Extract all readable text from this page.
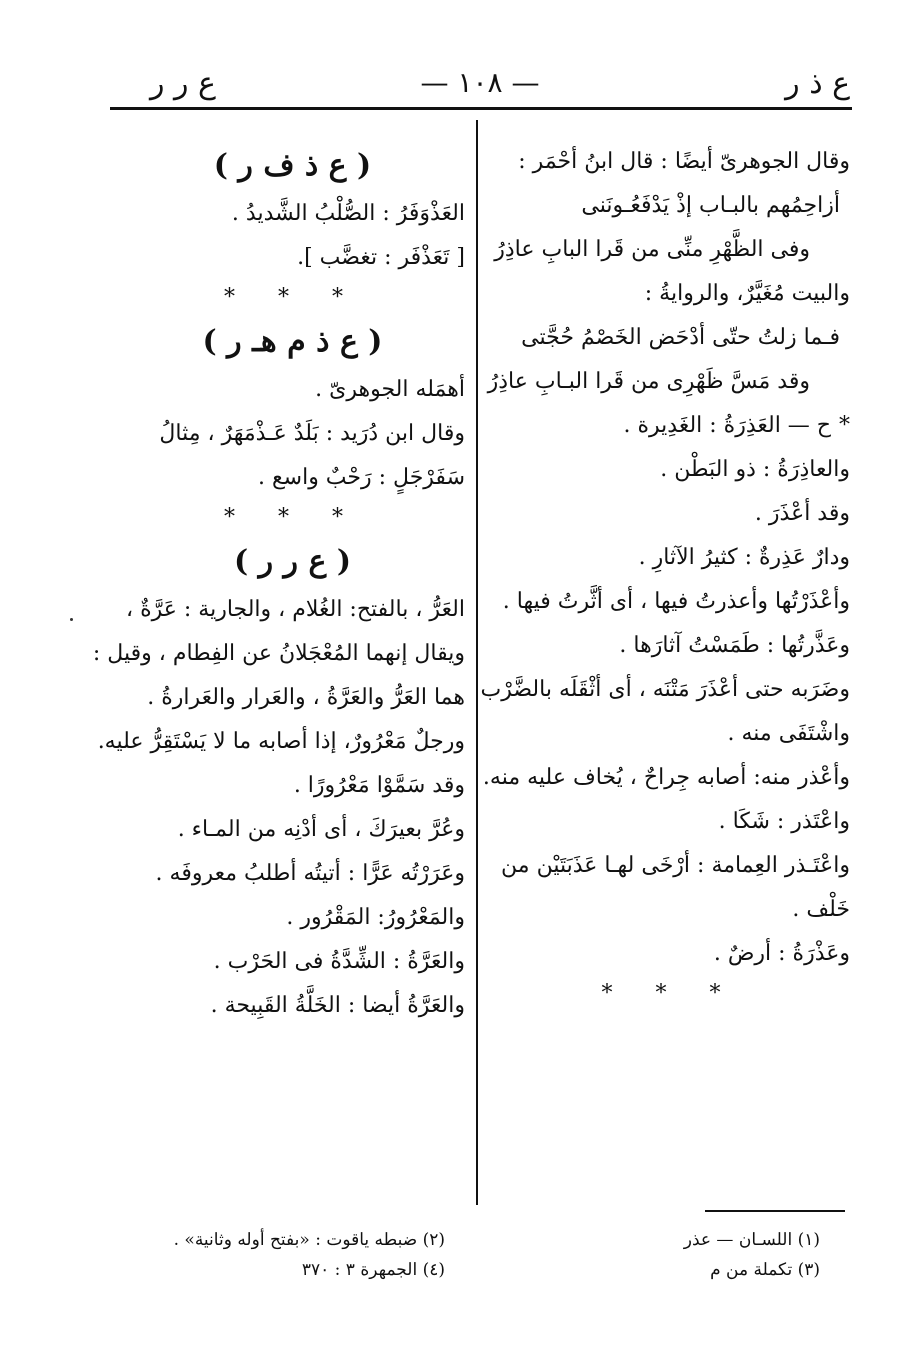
ع ذ ر
— ١٠٨ —
ع ر ر
وقال الجوهرىّ أيضًا : قال ابنُ أحْمَر :
أزاحِمُهم بالبـاب إذْ يَدْفَعُـونَنى
وفى الظَّهْرِ منِّى من قَرا البابِ عاذِرُ
والبيت مُغَيَّرٌ، والروايةُ :
فـما زلتُ حتّى أدْحَض الخَصْمُ حُجَّتى
وقد مَسَّ ظَهْرِى من قَرا البـابِ عاذِرُ
*
ح — العَذِرَةُ : الغَدِيرة .
والعاذِرَةُ : ذو البَطْن .
وقد أعْذَرَ .
ودارٌ عَذِرةٌ : كثيرُ الآثارِ .
وأعْذَرْتُها وأعذرتُ فيها ، أى أثَّرتُ فيها .
وعَذَّرتُها : طَمَسْتُ آثارَها .
وضَرَبه حتى أعْذَرَ مَتْنَه ، أى أثْقَلَه بالضَّرْب
واشْتَفَى منه .
وأعْذر منه: أصابه جِراحٌ ، يُخاف عليه منه.
واعْتَذر : شَكَا .
واعْتَـذر العِمامة : أرْخَى لهـا عَذَبَتَيْن من
خَلْف .
وعَذْرَةُ : أرضٌ .
* * *
( ع ذ ف ر )
العَذْوَفَرُ : الصُّلْبُ الشَّديدُ .
[ تَعَذْفَر : تغضَّب ].
* * *
( ع ذ م هـ ر )
أهمَله الجوهرىّ .
وقال ابن دُرَيد : بَلَدٌ عَـذْمَهَرٌ ، مِثالُ
سَفَرْجَلٍ : رَحْبٌ واسع .
* * *
( ع ر ر )
العَرُّ ، بالفتح: الغُلام ، والجارية : عَرَّةٌ ،
ويقال إنهما المُعْجَلانُ عن الفِطام ، وقيل :
هما العَرُّ والعَرَّةُ ، والعَرار والعَرارةُ .
ورجلٌ مَعْرُورٌ، إذا أصابه ما لا يَسْتَقِرُّ عليه.
وقد سَمَّوْا مَعْرُورًا .
وعُرَّ بعيرَكَ ، أى أدْنِه من المـاء .
وعَرَرْتُه عَرًّا : أتيتُه أطلبُ معروفَه .
والمَعْرُورُ: المَقْرُور .
والعَرَّةُ : الشِّدَّةُ فى الحَرْب .
والعَرَّةُ أيضا : الخَلَّةُ القَبِيحة .
(١) اللسـان — عذر
(٣) تكملة من م
(٢) ضبطه ياقوت : «بفتح أوله وثانية» .
(٤) الجمهرة ٣ : ٣٧٠
